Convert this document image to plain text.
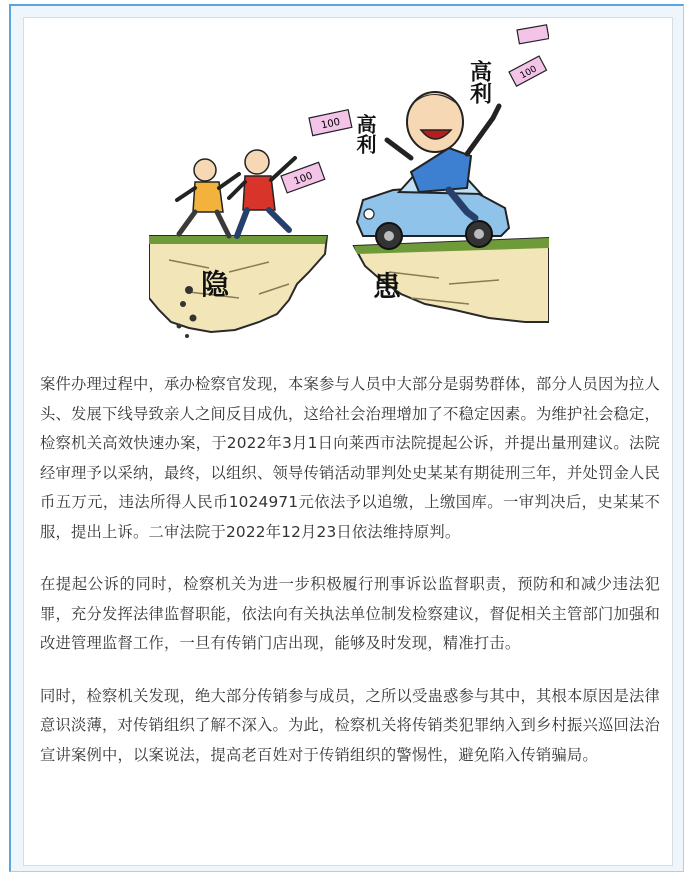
100
100
100
高利
高利
隐	患

案件办理过程中，承办检察官发现，本案参与人员中大部分是弱势群体，部分人员因为拉人头、发展下线导致亲人之间反目成仇，这给社会治理增加了不稳定因素。为维护社会稳定，检察机关高效快速办案，于2022年3月1日向莱西市法院提起公诉，并提出量刑建议。法院经审理予以采纳，最终，以组织、领导传销活动罪判处史某某有期徒刑三年，并处罚金人民币五万元，违法所得人民币1024971元依法予以追缴，上缴国库。一审判决后，史某某不服，提出上诉。二审法院于2022年12月23日依法维持原判。

在提起公诉的同时，检察机关为进一步积极履行刑事诉讼监督职责，预防和和减少违法犯罪，充分发挥法律监督职能，依法向有关执法单位制发检察建议，督促相关主管部门加强和改进管理监督工作，一旦有传销门店出现，能够及时发现，精准打击。

同时，检察机关发现，绝大部分传销参与成员，之所以受蛊惑参与其中，其根本原因是法律意识淡薄，对传销组织了解不深入。为此，检察机关将传销类犯罪纳入到乡村振兴巡回法治宣讲案例中，以案说法，提高老百姓对于传销组织的警惕性，避免陷入传销骗局。
